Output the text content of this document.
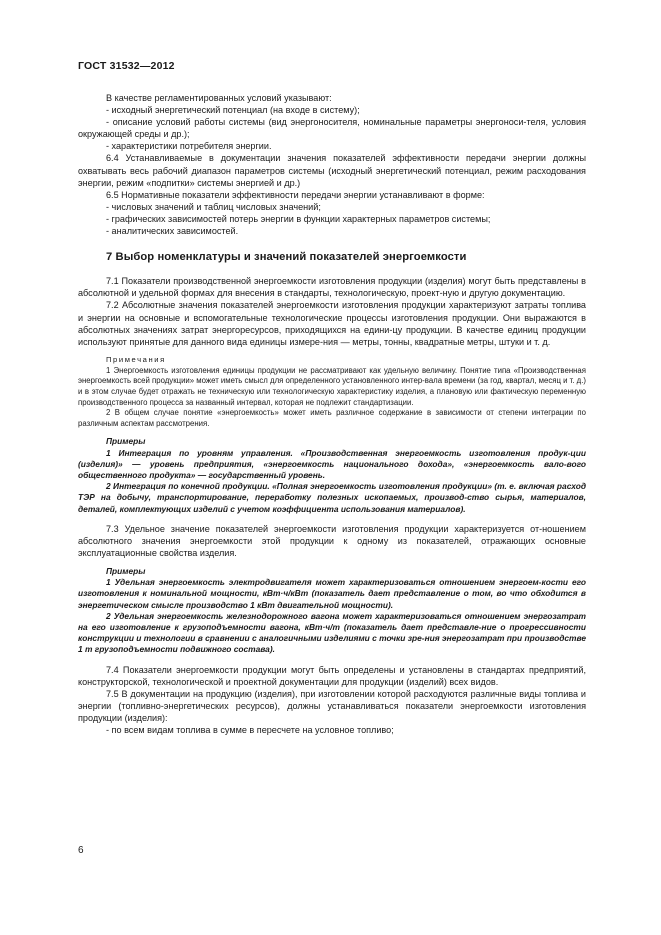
ГОСТ 31532—2012

В качестве регламентированных условий указывают:

- исходный энергетический потенциал (на входе в систему);

- описание условий работы системы (вид энергоносителя, номинальные параметры энергоноси-теля, условия окружающей среды и др.);

- характеристики потребителя энергии.

6.4 Устанавливаемые в документации значения показателей эффективности передачи энергии должны охватывать весь рабочий диапазон параметров системы (исходный энергетический потенциал, режим расходования энергии, режим «подпитки» системы энергией и др.)

6.5 Нормативные показатели эффективности передачи энергии устанавливают в форме:

- числовых значений и таблиц числовых значений;

- графических зависимостей потерь энергии в функции характерных параметров системы;

- аналитических зависимостей.

7 Выбор номенклатуры и значений показателей энергоемкости

7.1 Показатели производственной энергоемкости изготовления продукции (изделия) могут быть представлены в абсолютной и удельной формах для внесения в стандарты, технологическую, проект-ную и другую документацию.

7.2 Абсолютные значения показателей энергоемкости изготовления продукции характеризуют затраты топлива и энергии на основные и вспомогательные технологические процессы изготовления продукции. Они выражаются в абсолютных значениях затрат энергоресурсов, приходящихся на едини-цу продукции. В качестве единиц продукции используют принятые для данного вида единицы измере-ния — метры, тонны, квадратные метры, штуки и т. д.

Примечания

1 Энергоемкость изготовления единицы продукции не рассматривают как удельную величину. Понятие типа «Производственная энергоемкость всей продукции» может иметь смысл для определенного установленного интер-вала времени (за год, квартал, месяц и т. д.) и в этом случае будет отражать не техническую или технологическую характеристику изделия, а плановую или фактическую переменную производственного процесса за названный интервал, которая не подлежит стандартизации.

2 В общем случае понятие «энергоемкость» может иметь различное содержание в зависимости от степени интеграции по различным аспектам рассмотрения.

Примеры

1 Интеграция по уровням управления. «Производственная энергоемкость изготовления продук-ции (изделия)» — уровень предприятия, «энергоемкость национального дохода», «энергоемкость вало-вого общественного продукта» — государственный уровень.

2 Интеграция по конечной продукции. «Полная энергоемкость изготовления продукции» (т. е. включая расход ТЭР на добычу, транспортирование, переработку полезных ископаемых, производ-ство сырья, материалов, деталей, комплектующих изделий с учетом коэффициента использования материалов).

7.3 Удельное значение показателей энергоемкости изготовления продукции характеризуется от-ношением абсолютного значения энергоемкости этой продукции к одному из показателей, отражающих основные эксплуатационные свойства изделия.

Примеры

1 Удельная энергоемкость электродвигателя может характеризоваться отношением энергоем-кости его изготовления к номинальной мощности, кВт·ч/кВт (показатель дает представление о том, во что обходится в энергетическом смысле производство 1 кВт двигательной мощности).

2 Удельная энергоемкость железнодорожного вагона может характеризоваться отношением энергозатрат на его изготовление к грузоподъемности вагона, кВт·ч/т (показатель дает представле-ние о прогрессивности конструкции и технологии в сравнении с аналогичными изделиями с точки зре-ния энергозатрат при производстве 1 т грузоподъемности подвижного состава).

7.4 Показатели энергоемкости продукции могут быть определены и установлены в стандартах предприятий, конструкторской, технологической и проектной документации для продукции (изделий) всех видов.

7.5 В документации на продукцию (изделия), при изготовлении которой расходуются различные виды топлива и энергии (топливно-энергетических ресурсов), должны устанавливаться показатели энергоемкости изготовления продукции (изделия):

- по всем видам топлива в сумме в пересчете на условное топливо;

6
